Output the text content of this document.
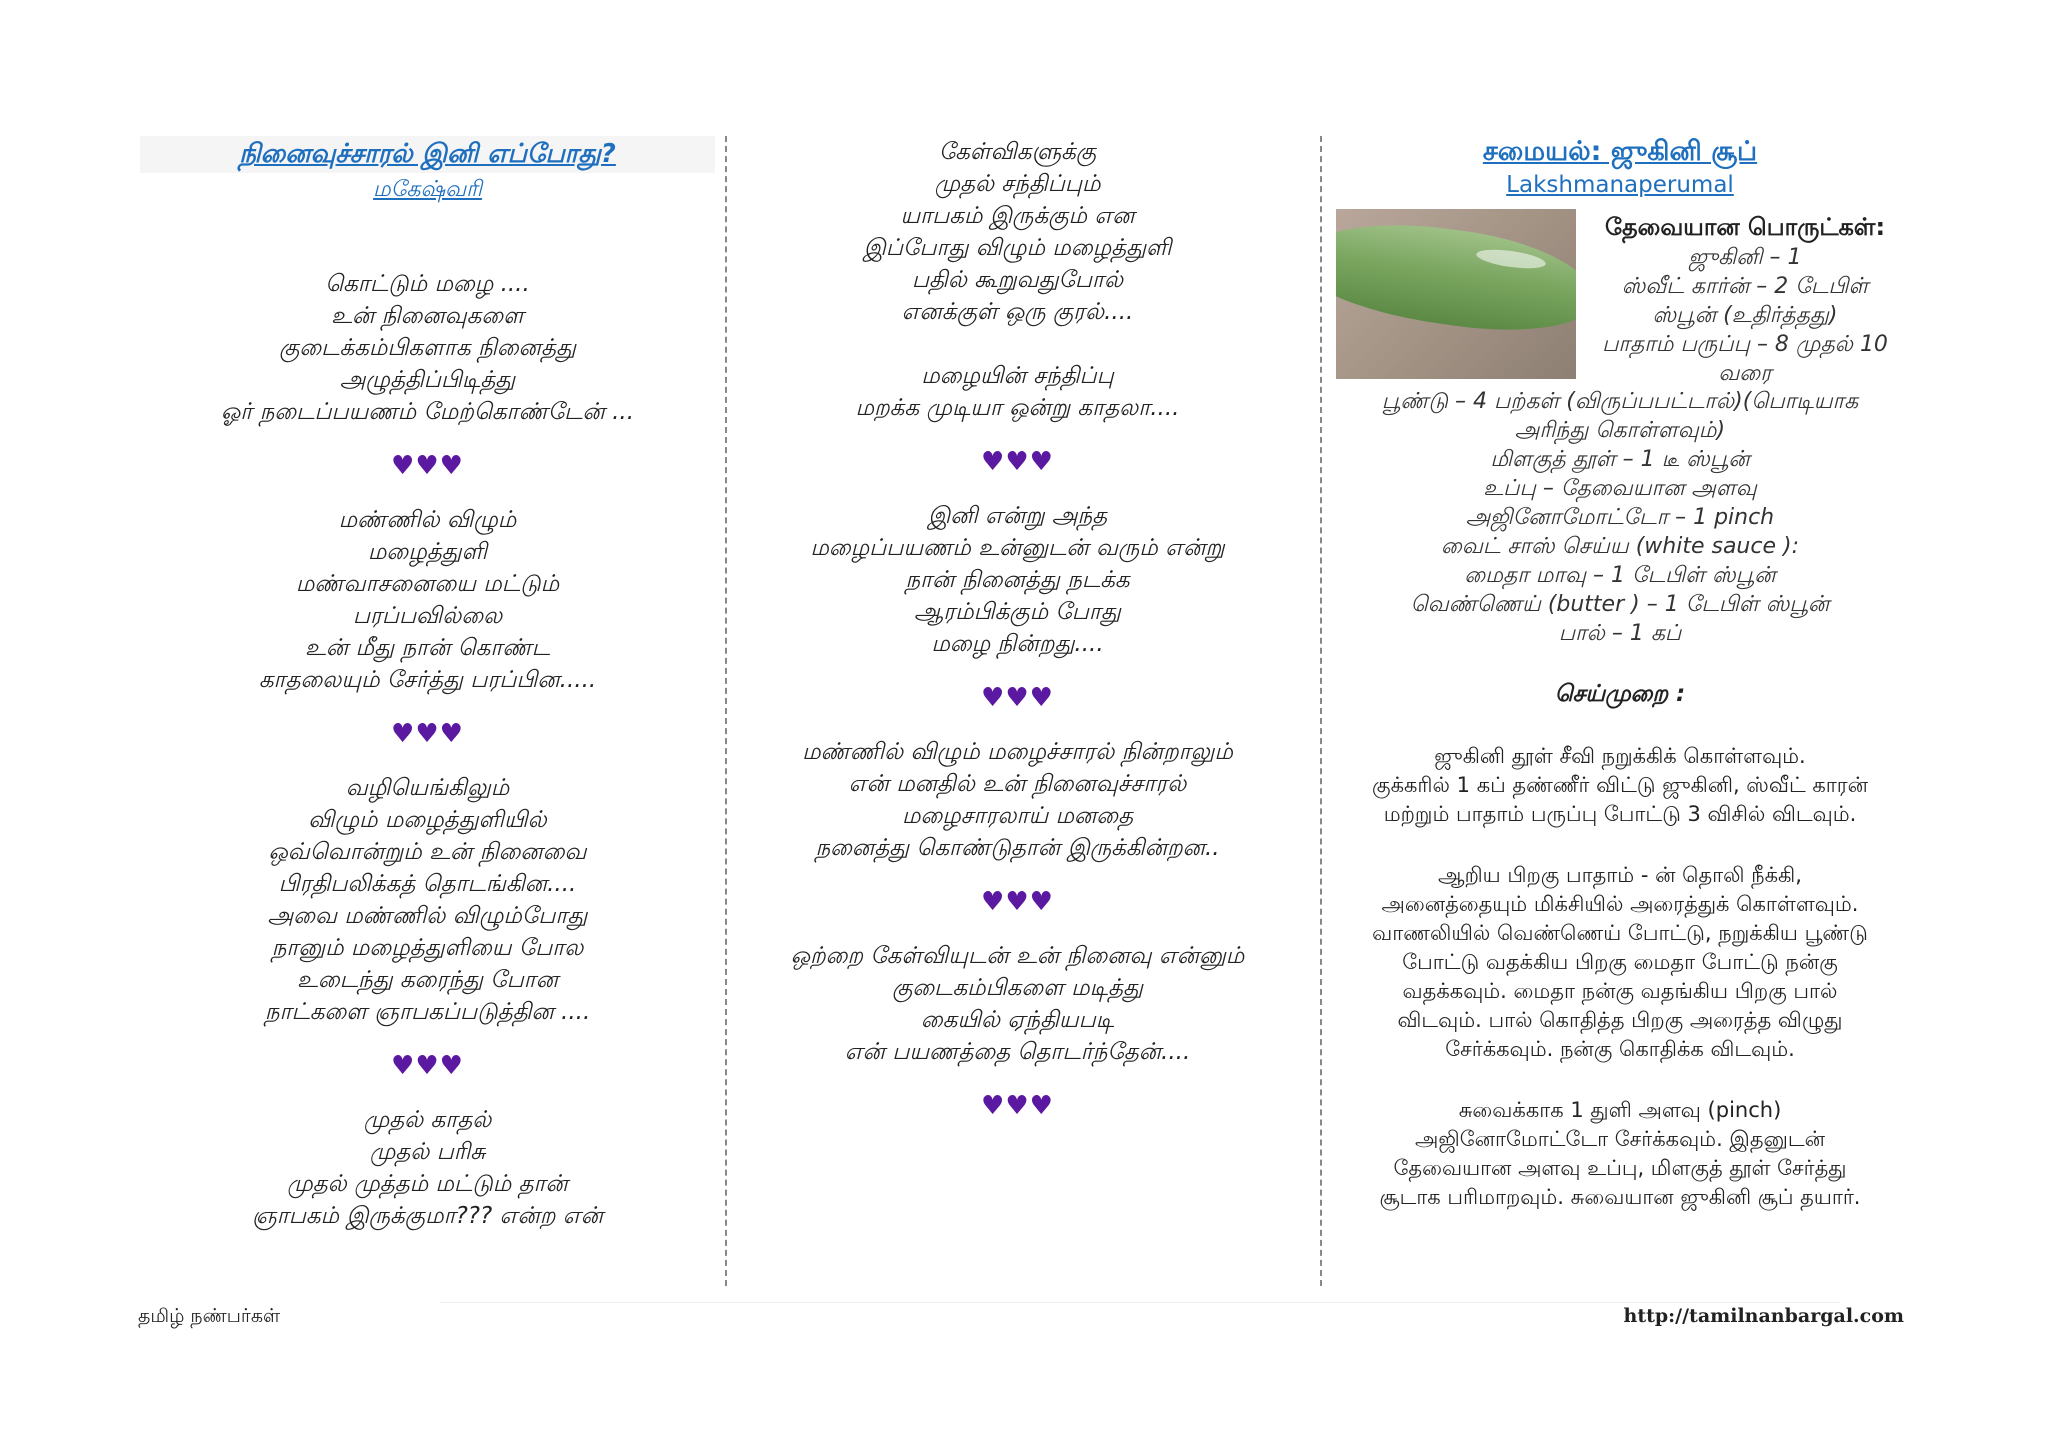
நினைவுச்சாரல் இனி எப்போது?
மகேஷ்வரி
கொட்டும் மழை ....
உன் நினைவுகளை
குடைக்கம்பிகளாக நினைத்து
அழுத்திப்பிடித்து
ஓர் நடைப்பயணம் மேற்கொண்டேன் ...
♥♥♥
மண்ணில் விழும்
மழைத்துளி
மண்வாசனையை மட்டும்
பரப்பவில்லை
உன் மீது நான் கொண்ட
காதலையும் சேர்த்து பரப்பின.....
♥♥♥
வழியெங்கிலும்
விழும் மழைத்துளியில்
ஒவ்வொன்றும் உன் நினைவை
பிரதிபலிக்கத் தொடங்கின....
அவை மண்ணில் விழும்போது
நானும் மழைத்துளியை போல
உடைந்து கரைந்து போன
நாட்களை ஞாபகப்படுத்தின ....
♥♥♥
முதல் காதல்
முதல் பரிசு
முதல் முத்தம் மட்டும் தான்
ஞாபகம் இருக்குமா??? என்ற என்
கேள்விகளுக்கு
முதல் சந்திப்பும்
யாபகம் இருக்கும் என
இப்போது விழும் மழைத்துளி
பதில் கூறுவதுபோல்
எனக்குள் ஒரு குரல்....
மழையின் சந்திப்பு
மறக்க முடியா ஒன்று காதலா....
♥♥♥
இனி என்று அந்த
மழைப்பயணம் உன்னுடன் வரும் என்று
நான் நினைத்து நடக்க
ஆரம்பிக்கும் போது
மழை நின்றது....
♥♥♥
மண்ணில் விழும் மழைச்சாரல் நின்றாலும்
என் மனதில் உன் நினைவுச்சாரல்
மழைசாரலாய் மனதை
நனைத்து கொண்டுதான் இருக்கின்றன..
♥♥♥
ஒற்றை கேள்வியுடன் உன் நினைவு என்னும்
குடைகம்பிகளை மடித்து
கையில் ஏந்தியபடி
என் பயணத்தை தொடர்ந்தேன்....
♥♥♥
சமையல்: ஜுகினி சூப்
Lakshmanaperumal
தேவையான பொருட்கள்:
ஜுகினி – 1
ஸ்வீட் கார்ன் – 2 டேபிள்
ஸ்பூன் (உதிர்த்தது)
பாதாம் பருப்பு – 8 முதல் 10
வரை
பூண்டு – 4 பற்கள் (விருப்பபட்டால்)(பொடியாக
அரிந்து கொள்ளவும்)
மிளகுத் தூள் – 1 டீ ஸ்பூன்
உப்பு – தேவையான அளவு
அஜினோமோட்டோ – 1 pinch
வைட் சாஸ் செய்ய (white sauce ):
மைதா மாவு – 1 டேபிள் ஸ்பூன்
வெண்ணெய் (butter ) – 1 டேபிள் ஸ்பூன்
பால் – 1 கப்
செய்முறை :
ஜுகினி தூள் சீவி நறுக்கிக் கொள்ளவும்.
குக்கரில் 1 கப் தண்ணீர் விட்டு ஜுகினி, ஸ்வீட் காரன்
மற்றும் பாதாம் பருப்பு போட்டு 3 விசில் விடவும்.
ஆறிய பிறகு பாதாம் - ன் தொலி நீக்கி,
அனைத்தையும் மிக்சியில் அரைத்துக் கொள்ளவும்.
வாணலியில் வெண்ணெய் போட்டு, நறுக்கிய பூண்டு
போட்டு வதக்கிய பிறகு மைதா போட்டு நன்கு
வதக்கவும். மைதா நன்கு வதங்கிய பிறகு பால்
விடவும். பால் கொதித்த பிறகு அரைத்த விழுது
சேர்க்கவும். நன்கு கொதிக்க விடவும்.
சுவைக்காக 1 துளி அளவு (pinch)
அஜினோமோட்டோ சேர்க்கவும். இதனுடன்
தேவையான அளவு உப்பு, மிளகுத் தூள் சேர்த்து
சூடாக பரிமாறவும். சுவையான ஜுகினி சூப் தயார்.
தமிழ் நண்பர்கள்	http://tamilnanbargal.com
